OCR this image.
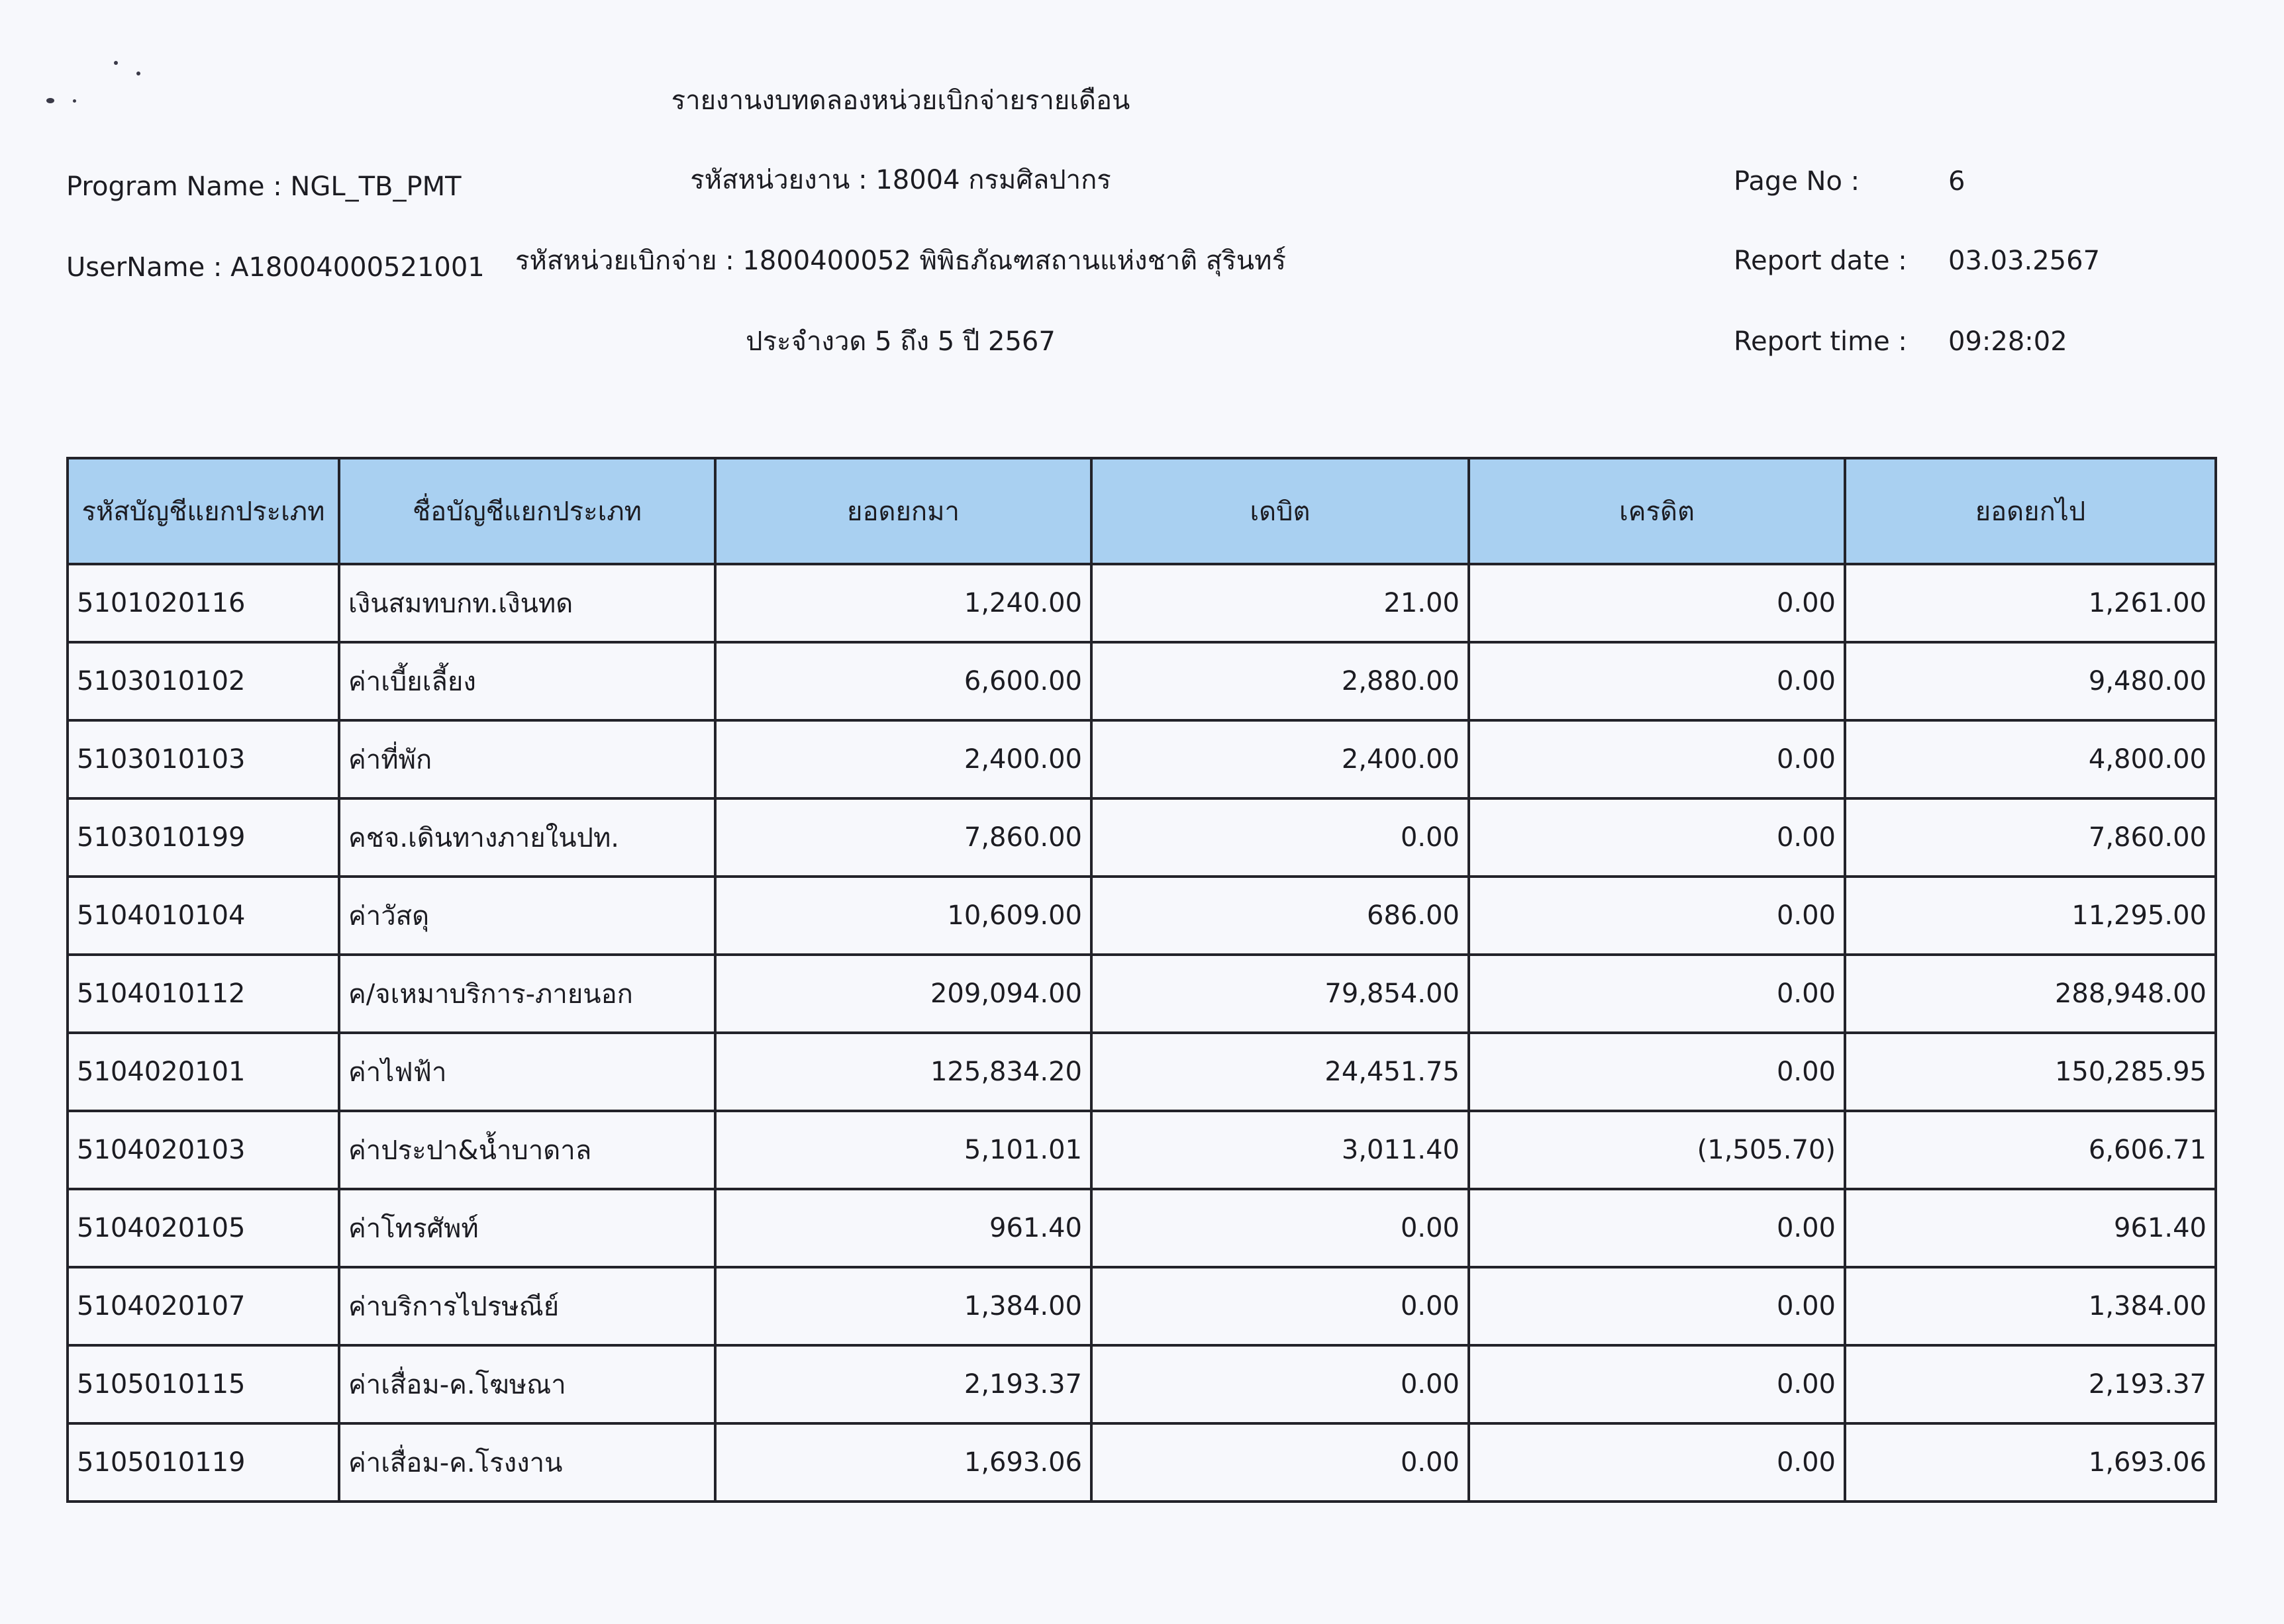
รายงานงบทดลองหน่วยเบิกจ่ายรายเดือน
รหัสหน่วยงาน : 18004 กรมศิลปากร
รหัสหน่วยเบิกจ่าย : 1800400052 พิพิธภัณฑสถานแห่งชาติ สุรินทร์
ประจำงวด 5 ถึง 5 ปี 2567
Program Name : NGL_TB_PMT
UserName : A18004000521001
Page No :	6
Report date : 03.03.2567
Report time : 09:28:02
รหัสบัญชีแยกประเภท	ชื่อบัญชีแยกประเภท	ยอดยกมา	เดบิต	เครดิต	ยอดยกไป
5101020116	เงินสมทบกท.เงินทด	1,240.00	21.00	0.00	1,261.00
5103010102	ค่าเบี้ยเลี้ยง	6,600.00	2,880.00	0.00	9,480.00
5103010103	ค่าที่พัก	2,400.00	2,400.00	0.00	4,800.00
5103010199	คชจ.เดินทางภายในปท.	7,860.00	0.00	0.00	7,860.00
5104010104	ค่าวัสดุ	10,609.00	686.00	0.00	11,295.00
5104010112	ค/จเหมาบริการ-ภายนอก	209,094.00	79,854.00	0.00	288,948.00
5104020101	ค่าไฟฟ้า	125,834.20	24,451.75	0.00	150,285.95
5104020103	ค่าประปา&น้ำบาดาล	5,101.01	3,011.40	(1,505.70)	6,606.71
5104020105	ค่าโทรศัพท์	961.40	0.00	0.00	961.40
5104020107	ค่าบริการไปรษณีย์	1,384.00	0.00	0.00	1,384.00
5105010115	ค่าเสื่อม-ค.โฆษณา	2,193.37	0.00	0.00	2,193.37
5105010119	ค่าเสื่อม-ค.โรงงาน	1,693.06	0.00	0.00	1,693.06
